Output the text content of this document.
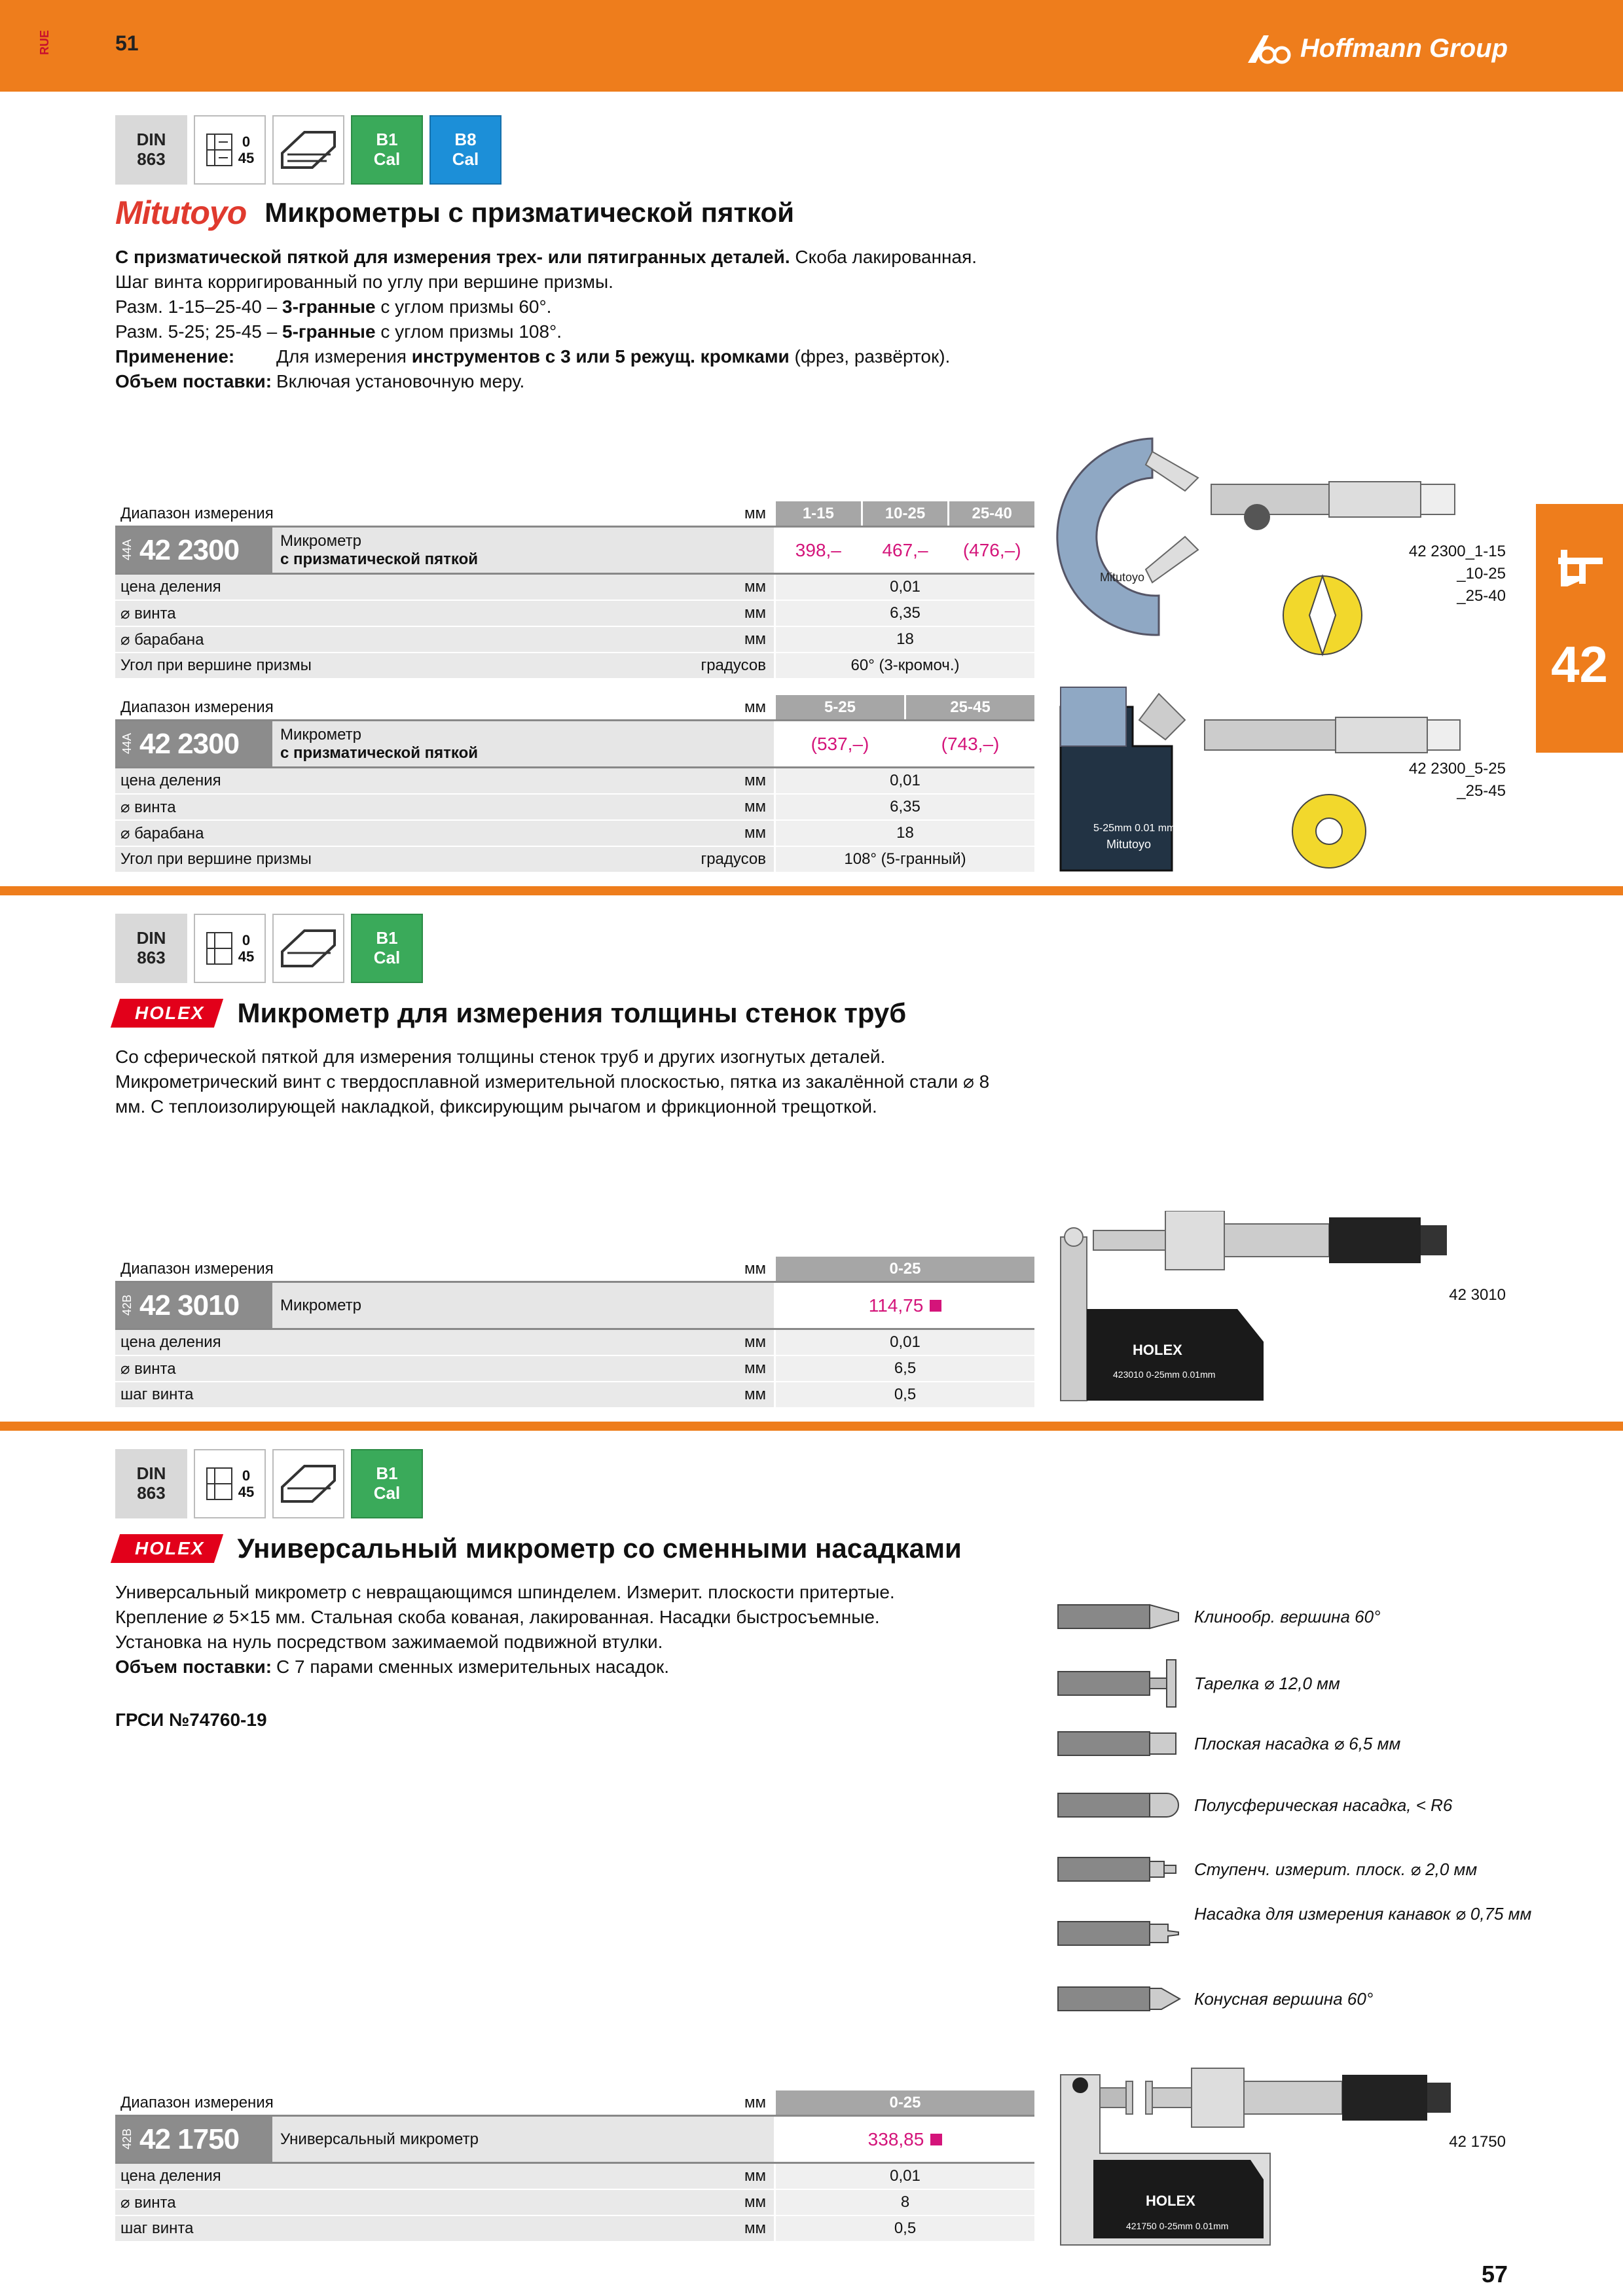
RUE	51	Hoffmann Group
42
DIN
863
0
45
B1
Cal
B8
Cal
Mitutoyo Микрометры с призматической пяткой

С призматической пяткой для измерения трех- или пятигранных деталей. Скоба лакированная.

Шаг винта корригированный по углу при вершине призмы.

Разм. 1-15–25-40 – 3-гранные с углом призмы 60°.

Разм. 5-25; 25-45 – 5-гранные с углом призмы 108°.

Применение: Для измерения инструментов с 3 или 5 режущ. кромками (фрез, развёрток).

Объем поставки: Включая установочную меру.

Диапазон измерения	мм	1-15	10-25	25-40
44A 42 2300	Микрометр
с призматической пяткой	398,–	467,–	(476,–)
цена деления	мм	0,01
⌀ винта	мм	6,35
⌀ барабана	мм	18
Угол при вершине призмы	градусов	60° (3-кромоч.)
Диапазон измерения	мм	5-25	25-45
44A 42 2300	Микрометр
с призматической пяткой	(537,–)	(743,–)
цена деления	мм	0,01
⌀ винта	мм	6,35
⌀ барабана	мм	18
Угол при вершине призмы	градусов	108° (5-гранный)
Mitutoyo
42 2300_1-15
_10-25
_25-40
5-25mm 0.01 mm
Mitutoyo
42 2300_5-25
_25-45
DIN
863
0
45
B1
Cal
HOLEX	Микрометр для измерения толщины стенок труб

Со сферической пяткой для измерения толщины стенок труб и других изогнутых деталей.

Микрометрический винт с твердосплавной измерительной плоскостью, пятка из закалённой стали ⌀ 8

мм. С теплоизолирующей накладкой, фиксирующим рычагом и фрикционной трещоткой.

Диапазон измерения	мм	0-25
42B 42 3010	Микрометр	114,75
цена деления	мм	0,01
⌀ винта	мм	6,5
шаг винта	мм	0,5
HOLEX
423010 0-25mm 0.01mm
42 3010
DIN
863
0
45
B1
Cal
HOLEX	Универсальный микрометр со сменными насадками

Универсальный микрометр с невращающимся шпинделем. Измерит. плоскости притертые.

Крепление ⌀ 5×15 мм. Стальная скоба кованая, лакированная. Насадки быстросъемные.

Установка на нуль посредством зажимаемой подвижной втулки.

Объем поставки: С 7 парами сменных измерительных насадок.

ГРСИ №74760-19
Клинообр. вершина 60°
Тарелка ⌀ 12,0 мм
Плоская насадка ⌀ 6,5 мм
Полусферическая насадка, < R6
Ступенч. измерит. плоск. ⌀ 2,0 мм
Насадка для измерения канавок ⌀ 0,75 мм
Конусная вершина 60°
Диапазон измерения	мм	0-25
42B 42 1750	Универсальный микрометр	338,85
цена деления	мм	0,01
⌀ винта	мм	8
шаг винта	мм	0,5
HOLEX
421750 0-25mm 0.01mm
42 1750
57
